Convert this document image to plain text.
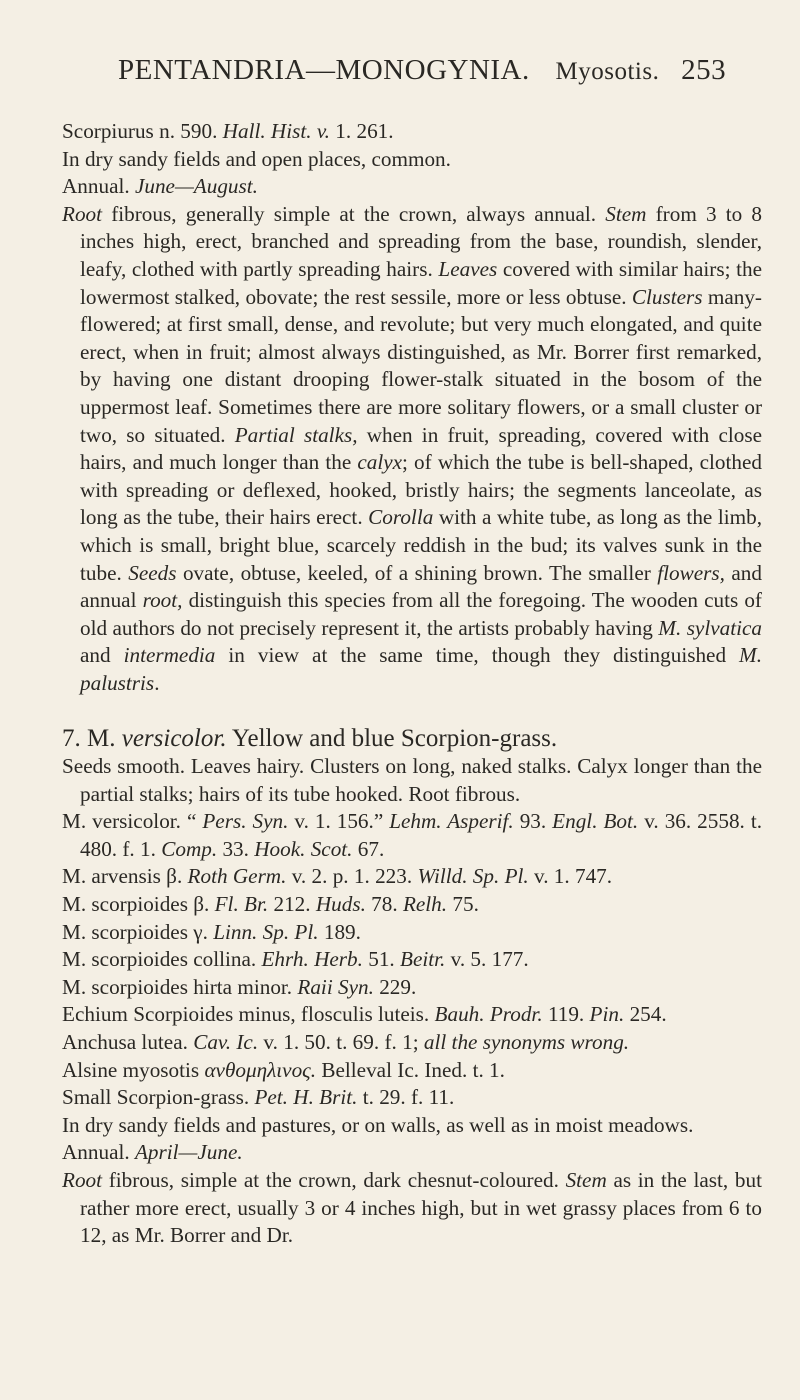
PENTANDRIA—MONOGYNIA. Myosotis. 253

Scorpiurus n. 590. Hall. Hist. v. 1. 261.

In dry sandy fields and open places, common.

Annual. June—August.

Root fibrous, generally simple at the crown, always annual. Stem from 3 to 8 inches high, erect, branched and spreading from the base, roundish, slender, leafy, clothed with partly spreading hairs. Leaves covered with similar hairs; the lowermost stalked, obovate; the rest sessile, more or less obtuse. Clusters many-flowered; at first small, dense, and revolute; but very much elongated, and quite erect, when in fruit; almost always distinguished, as Mr. Borrer first remarked, by having one distant drooping flower-stalk situated in the bosom of the uppermost leaf. Sometimes there are more solitary flowers, or a small cluster or two, so situated. Partial stalks, when in fruit, spreading, covered with close hairs, and much longer than the calyx; of which the tube is bell-shaped, clothed with spreading or deflexed, hooked, bristly hairs; the segments lanceolate, as long as the tube, their hairs erect. Corolla with a white tube, as long as the limb, which is small, bright blue, scarcely reddish in the bud; its valves sunk in the tube. Seeds ovate, obtuse, keeled, of a shining brown. The smaller flowers, and annual root, distinguish this species from all the foregoing. The wooden cuts of old authors do not precisely represent it, the artists probably having M. sylvatica and intermedia in view at the same time, though they distinguished M. palustris.

7. M. versicolor. Yellow and blue Scorpion-grass.

Seeds smooth. Leaves hairy. Clusters on long, naked stalks. Calyx longer than the partial stalks; hairs of its tube hooked. Root fibrous.

M. versicolor. “ Pers. Syn. v. 1. 156.” Lehm. Asperif. 93. Engl. Bot. v. 36. 2558. t. 480. f. 1. Comp. 33. Hook. Scot. 67.

M. arvensis β. Roth Germ. v. 2. p. 1. 223. Willd. Sp. Pl. v. 1. 747.

M. scorpioides β. Fl. Br. 212. Huds. 78. Relh. 75.

M. scorpioides γ. Linn. Sp. Pl. 189.

M. scorpioides collina. Ehrh. Herb. 51. Beitr. v. 5. 177.

M. scorpioides hirta minor. Raii Syn. 229.

Echium Scorpioides minus, flosculis luteis. Bauh. Prodr. 119. Pin. 254.

Anchusa lutea. Cav. Ic. v. 1. 50. t. 69. f. 1; all the synonyms wrong.

Alsine myosotis ανθομηλινος. Belleval Ic. Ined. t. 1.

Small Scorpion-grass. Pet. H. Brit. t. 29. f. 11.

In dry sandy fields and pastures, or on walls, as well as in moist meadows.

Annual. April—June.

Root fibrous, simple at the crown, dark chesnut-coloured. Stem as in the last, but rather more erect, usually 3 or 4 inches high, but in wet grassy places from 6 to 12, as Mr. Borrer and Dr.
